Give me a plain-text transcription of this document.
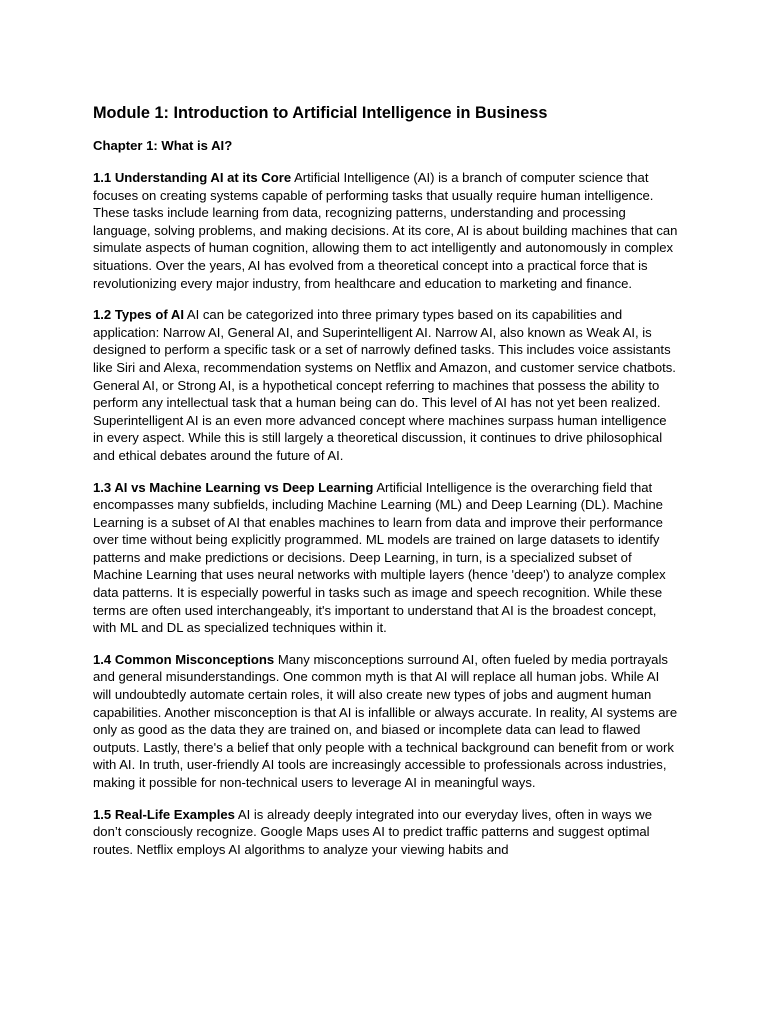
Module 1: Introduction to Artificial Intelligence in Business
Chapter 1: What is AI?

1.1 Understanding AI at its Core Artificial Intelligence (AI) is a branch of computer science that focuses on creating systems capable of performing tasks that usually require human intelligence. These tasks include learning from data, recognizing patterns, understanding and processing language, solving problems, and making decisions. At its core, AI is about building machines that can simulate aspects of human cognition, allowing them to act intelligently and autonomously in complex situations. Over the years, AI has evolved from a theoretical concept into a practical force that is revolutionizing every major industry, from healthcare and education to marketing and finance.

1.2 Types of AI AI can be categorized into three primary types based on its capabilities and application: Narrow AI, General AI, and Superintelligent AI. Narrow AI, also known as Weak AI, is designed to perform a specific task or a set of narrowly defined tasks. This includes voice assistants like Siri and Alexa, recommendation systems on Netflix and Amazon, and customer service chatbots. General AI, or Strong AI, is a hypothetical concept referring to machines that possess the ability to perform any intellectual task that a human being can do. This level of AI has not yet been realized. Superintelligent AI is an even more advanced concept where machines surpass human intelligence in every aspect. While this is still largely a theoretical discussion, it continues to drive philosophical and ethical debates around the future of AI.

1.3 AI vs Machine Learning vs Deep Learning Artificial Intelligence is the overarching field that encompasses many subfields, including Machine Learning (ML) and Deep Learning (DL). Machine Learning is a subset of AI that enables machines to learn from data and improve their performance over time without being explicitly programmed. ML models are trained on large datasets to identify patterns and make predictions or decisions. Deep Learning, in turn, is a specialized subset of Machine Learning that uses neural networks with multiple layers (hence 'deep') to analyze complex data patterns. It is especially powerful in tasks such as image and speech recognition. While these terms are often used interchangeably, it's important to understand that AI is the broadest concept, with ML and DL as specialized techniques within it.

1.4 Common Misconceptions Many misconceptions surround AI, often fueled by media portrayals and general misunderstandings. One common myth is that AI will replace all human jobs. While AI will undoubtedly automate certain roles, it will also create new types of jobs and augment human capabilities. Another misconception is that AI is infallible or always accurate. In reality, AI systems are only as good as the data they are trained on, and biased or incomplete data can lead to flawed outputs. Lastly, there's a belief that only people with a technical background can benefit from or work with AI. In truth, user-friendly AI tools are increasingly accessible to professionals across industries, making it possible for non-technical users to leverage AI in meaningful ways.

1.5 Real-Life Examples AI is already deeply integrated into our everyday lives, often in ways we don’t consciously recognize. Google Maps uses AI to predict traffic patterns and suggest optimal routes. Netflix employs AI algorithms to analyze your viewing habits and
